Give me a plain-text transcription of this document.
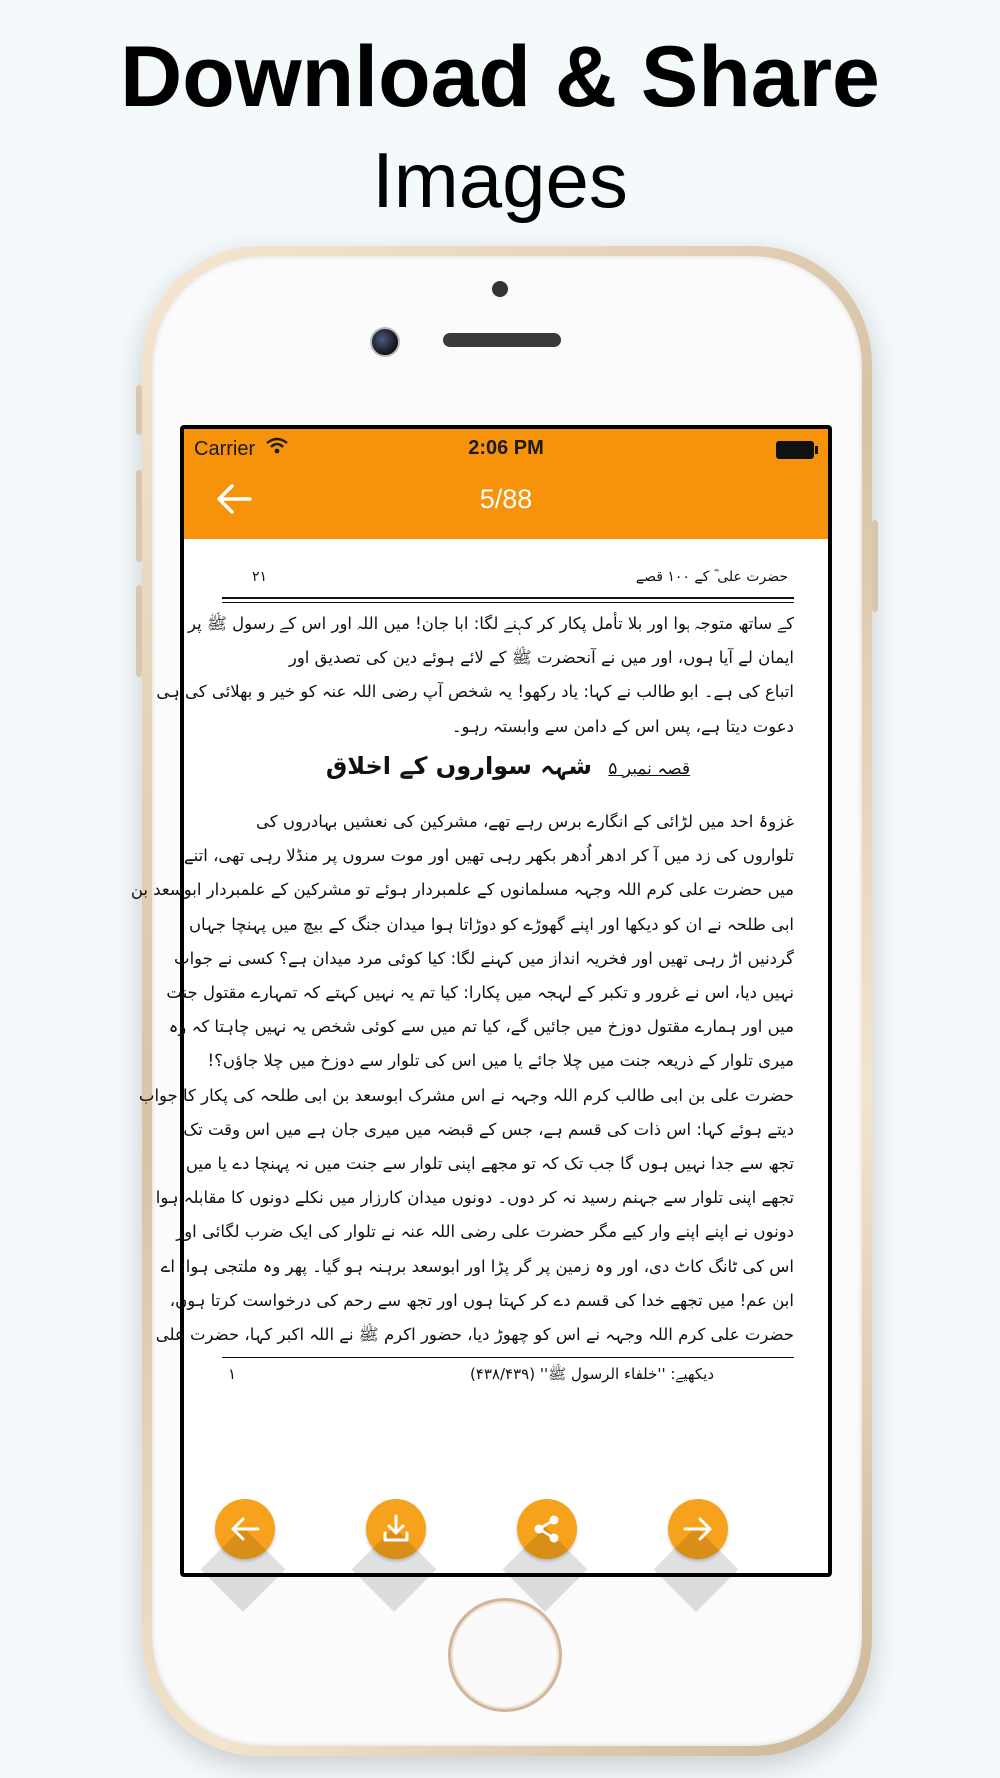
Download & Share
Images
Carrier	2:06 PM
5/88
حضرت علی ؓ کے ۱۰۰ قصے
۲۱
کے ساتھ متوجہ ہوا اور بلا تأمل پکار کر کہنے لگا: ابا جان! میں اللہ اور اس کے رسول ﷺ پر
ایمان لے آیا ہوں، اور میں نے آنحضرت ﷺ کے لائے ہوئے دین کی تصدیق اور
اتباع کی ہے۔ ابو طالب نے کہا: یاد رکھو! یہ شخص آپ رضی اللہ عنہ کو خیر و بھلائی کی ہی
دعوت دیتا ہے، پس اس کے دامن سے وابستہ رہو۔
قصہ نمبر ۵ شہہ سواروں کے اخلاق
غزوۂ احد میں لڑائی کے انگارے برس رہے تھے، مشرکین کی نعشیں بہادروں کی
تلواروں کی زد میں آ کر ادھر اُدھر بکھر رہی تھیں اور موت سروں پر منڈلا رہی تھی، اتنے
میں حضرت علی کرم اللہ وجہہ مسلمانوں کے علمبردار ہوئے تو مشرکین کے علمبردار ابوسعد بن
ابی طلحہ نے ان کو دیکھا اور اپنے گھوڑے کو دوڑاتا ہوا میدان جنگ کے بیچ میں پہنچا جہاں
گردنیں اڑ رہی تھیں اور فخریہ انداز میں کہنے لگا: کیا کوئی مرد میدان ہے؟ کسی نے جواب
نہیں دیا، اس نے غرور و تکبر کے لہجہ میں پکارا: کیا تم یہ نہیں کہتے کہ تمہارے مقتول جنت
میں اور ہمارے مقتول دوزخ میں جائیں گے، کیا تم میں سے کوئی شخص یہ نہیں چاہتا کہ وہ
میری تلوار کے ذریعہ جنت میں چلا جائے یا میں اس کی تلوار سے دوزخ میں چلا جاؤں؟!
حضرت علی بن ابی طالب کرم اللہ وجہہ نے اس مشرک ابوسعد بن ابی طلحہ کی پکار کا جواب
دیتے ہوئے کہا: اس ذات کی قسم ہے، جس کے قبضہ میں میری جان ہے میں اس وقت تک
تجھ سے جدا نہیں ہوں گا جب تک کہ تو مجھے اپنی تلوار سے جنت میں نہ پہنچا دے یا میں
تجھے اپنی تلوار سے جہنم رسید نہ کر دوں۔ دونوں میدان کارزار میں نکلے دونوں کا مقابلہ ہوا
دونوں نے اپنے اپنے وار کیے مگر حضرت علی رضی اللہ عنہ نے تلوار کی ایک ضرب لگائی اور
اس کی ٹانگ کاٹ دی، اور وہ زمین پر گر پڑا اور ابوسعد برہنہ ہو گیا۔ پھر وہ ملتجی ہوا: اے
ابن عم! میں تجھے خدا کی قسم دے کر کہتا ہوں اور تجھ سے رحم کی درخواست کرتا ہوں،
حضرت علی کرم اللہ وجہہ نے اس کو چھوڑ دیا، حضور اکرم ﷺ نے اللہ اکبر کہا، حضرت علی
دیکھیے: ''خلفاء الرسول ﷺ'' (۴۳۸/۴۳۹)
۱
